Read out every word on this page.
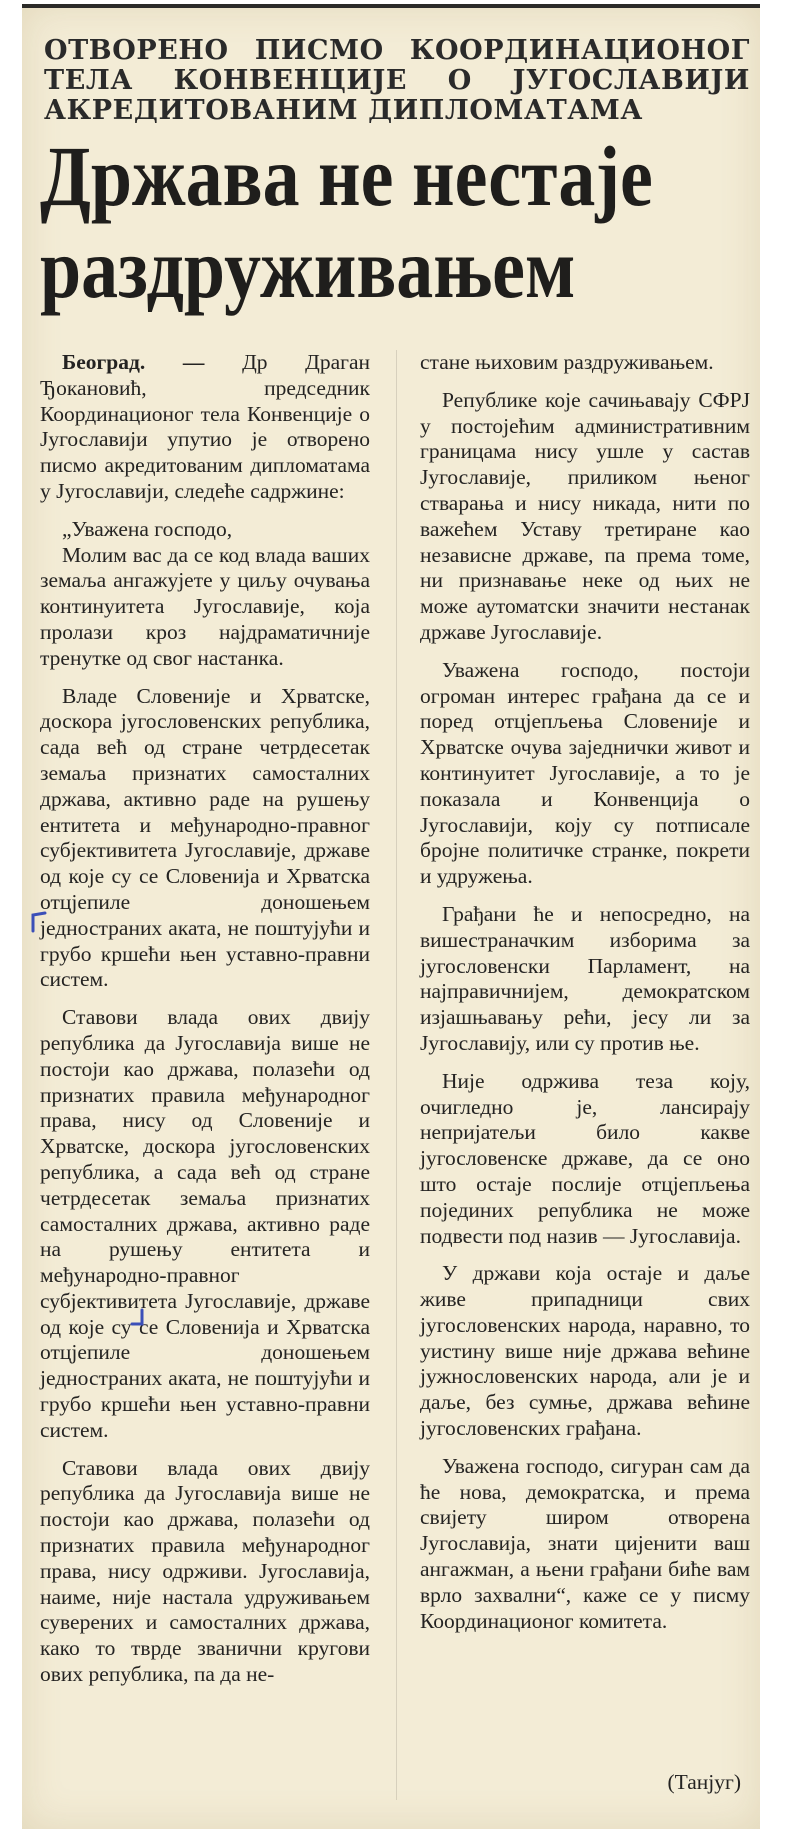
ОТВОРЕНО ПИСМО КООРДИНАЦИОНОГ ТЕЛА КОНВЕНЦИЈЕ О ЈУГОСЛАВИЈИ АКРЕДИТОВАНИМ ДИПЛОМАТАМА
Држава не нестаје
раздруживањем

Београд. — Др Драган Ђокановић, председник Координационог тела Конвенције о Југославији упутио је отворено писмо акредитованим дипломатама у Југославији, следеће садржине:

„Уважена господо,

Молим вас да се код влада ваших земаља ангажујете у циљу очувања континуитета Југославије, која пролази кроз најдраматичније тренутке од свог настанка.

Владе Словеније и Хрватске, доскора југословенских република, сада већ од стране четрдесетак земаља признатих самосталних држава, активно раде на рушењу ентитета и међународно-правног субјективитета Југославије, државе од које су се Словенија и Хрватска отцјепиле доношењем једностраних аката, не поштујући и грубо кршећи њен уставно-правни систем.

Ставови влада ових двију република да Југославија више не постоји као држава, полазећи од признатих правила међународног права, нису од Словеније и Хрватске, доскора југословенских република, а сада већ од стране четрдесетак земаља признатих самосталних држава, активно раде на рушењу ентитета и међународно-правног субјективитета Југославије, државе од које су се Словенија и Хрватска отцјепиле доношењем једностраних аката, не поштујући и грубо кршећи њен уставно-правни систем.

Ставови влада ових двију република да Југославија више не постоји као држава, полазећи од признатих правила међународног права, нису одрживи. Југославија, наиме, није настала удруживањем суверених и самосталних држава, како то тврде званични кругови ових република, па да не-

стане њиховим раздруживањем.

Републике које сачињавају СФРЈ у постојећим административним границама нису ушле у састав Југославије, приликом њеног стварања и нису никада, нити по важећем Уставу третиране као независне државе, па према томе, ни признавање неке од њих не може аутоматски значити нестанак државе Југославије.

Уважена господо, постоји огроман интерес грађана да се и поред отцјепљења Словеније и Хрватске очува заједнички живот и континуитет Југославије, а то је показала и Конвенција о Југославији, коју су потписале бројне политичке странке, покрети и удружења.

Грађани ће и непосредно, на вишестраначким изборима за југословенски Парламент, на најправичнијем, демократском изјашњавању рећи, јесу ли за Југославију, или су против ње.

Није одржива теза коју, очигледно је, лансирају непријатељи било какве југословенске државе, да се оно што остаје послије отцјепљења појединих република не може подвести под назив — Југославија.

У држави која остаје и даље живе припадници свих југословенских народа, наравно, то уистину више није држава већине јужнословенских народа, али је и даље, без сумње, држава већине југословенских грађана.

Уважена господо, сигуран сам да ће нова, демократска, и према свијету широм отворена Југославија, знати цијенити ваш ангажман, а њени грађани биће вам врло захвални“, каже се у писму Координационог комитета.

(Танјуг)
